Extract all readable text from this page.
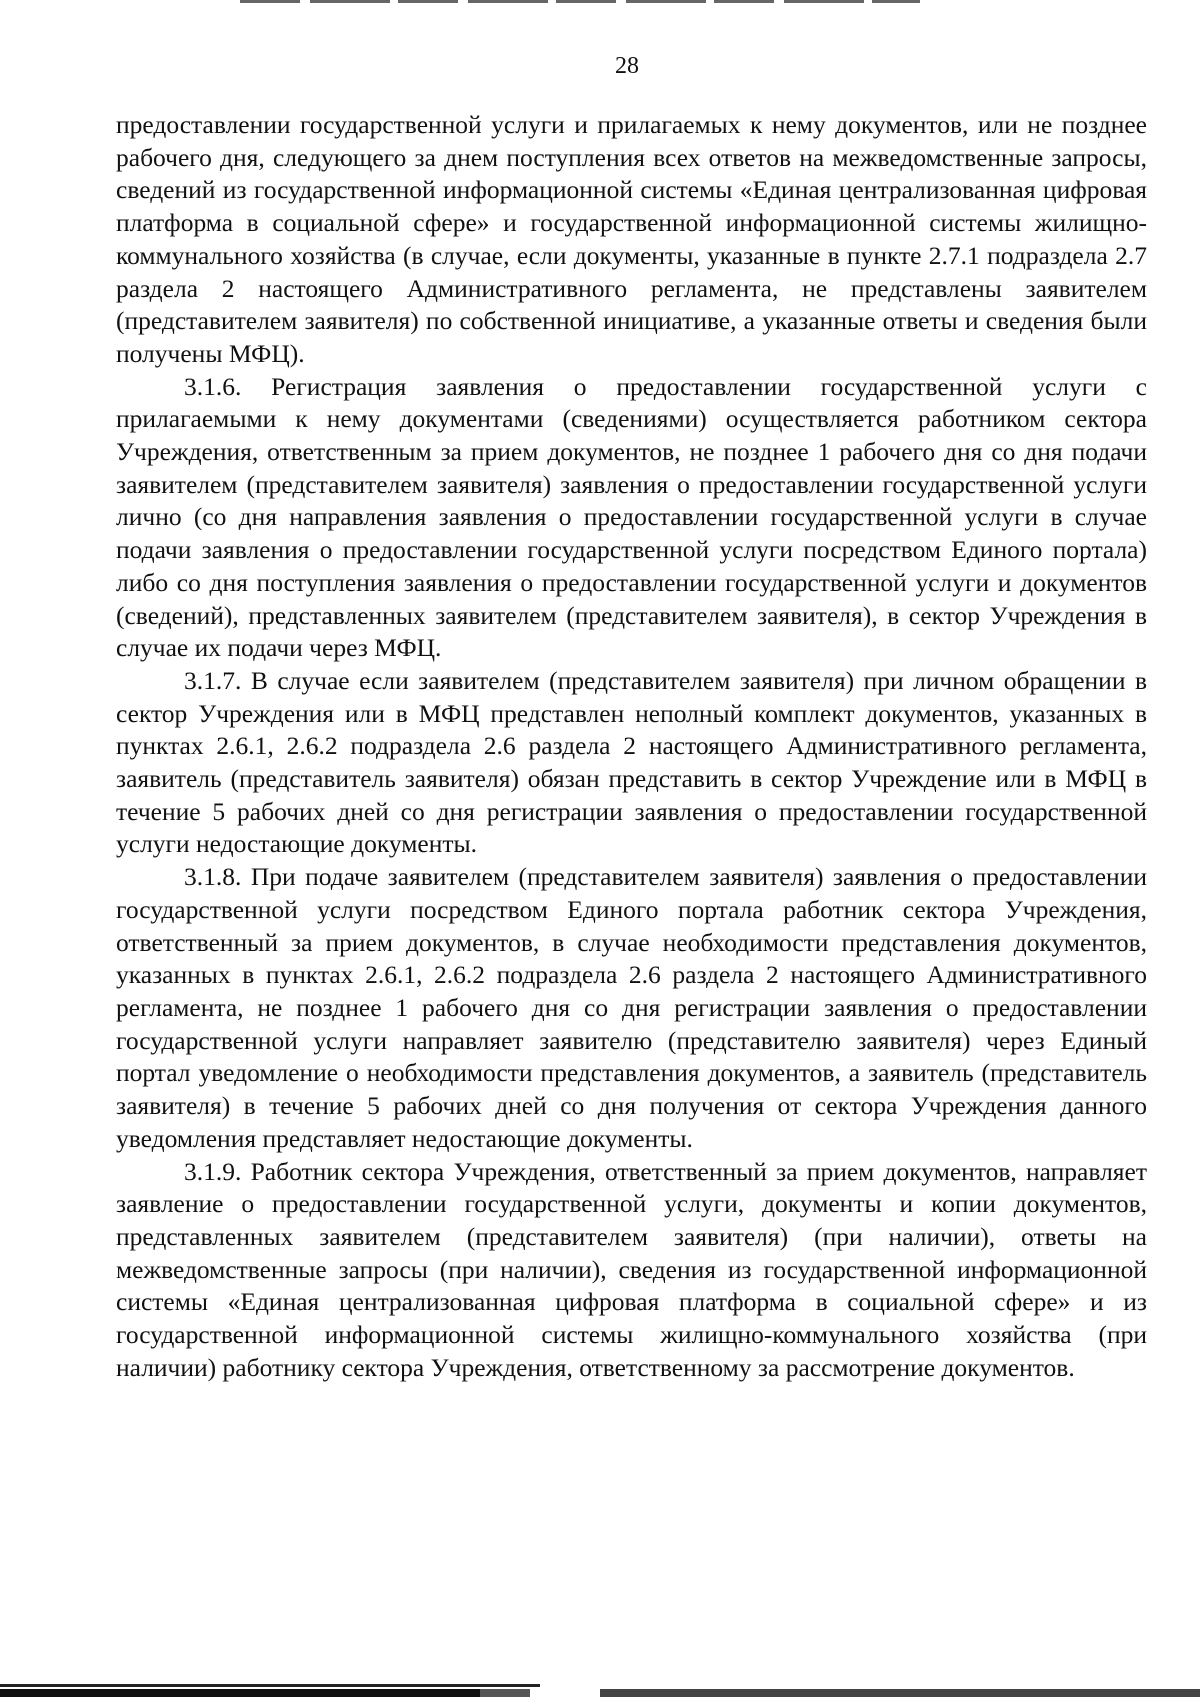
28

предоставлении государственной услуги и прилагаемых к нему документов, или не позднее рабочего дня, следующего за днем поступления всех ответов на межведомственные запросы, сведений из государственной информационной системы «Единая централизованная цифровая платформа в социальной сфере» и государственной информационной системы жилищно-коммунального хозяйства (в случае, если документы, указанные в пункте 2.7.1 подраздела 2.7 раздела 2 настоящего Административного регламента, не представлены заявителем (представителем заявителя) по собственной инициативе, а указанные ответы и сведения были получены МФЦ).

3.1.6. Регистрация заявления о предоставлении государственной услуги с прилагаемыми к нему документами (сведениями) осуществляется работником сектора Учреждения, ответственным за прием документов, не позднее 1 рабочего дня со дня подачи заявителем (представителем заявителя) заявления о предоставлении государственной услуги лично (со дня направления заявления о предоставлении государственной услуги в случае подачи заявления о предоставлении государственной услуги посредством Единого портала) либо со дня поступления заявления о предоставлении государственной услуги и документов (сведений), представленных заявителем (представителем заявителя), в сектор Учреждения в случае их подачи через МФЦ.

3.1.7. В случае если заявителем (представителем заявителя) при личном обращении в сектор Учреждения или в МФЦ представлен неполный комплект документов, указанных в пунктах 2.6.1, 2.6.2 подраздела 2.6 раздела 2 настоящего Административного регламента, заявитель (представитель заявителя) обязан представить в сектор Учреждение или в МФЦ в течение 5 рабочих дней со дня регистрации заявления о предоставлении государственной услуги недостающие документы.

3.1.8. При подаче заявителем (представителем заявителя) заявления о предоставлении государственной услуги посредством Единого портала работник сектора Учреждения, ответственный за прием документов, в случае необходимости представления документов, указанных в пунктах 2.6.1, 2.6.2 подраздела 2.6 раздела 2 настоящего Административного регламента, не позднее 1 рабочего дня со дня регистрации заявления о предоставлении государственной услуги направляет заявителю (представителю заявителя) через Единый портал уведомление о необходимости представления документов, а заявитель (представитель заявителя) в течение 5 рабочих дней со дня получения от сектора Учреждения данного уведомления представляет недостающие документы.

3.1.9. Работник сектора Учреждения, ответственный за прием документов, направляет заявление о предоставлении государственной услуги, документы и копии документов, представленных заявителем (представителем заявителя) (при наличии), ответы на межведомственные запросы (при наличии), сведения из государственной информационной системы «Единая централизованная цифровая платформа в социальной сфере» и из государственной информационной системы жилищно-коммунального хозяйства (при наличии) работнику сектора Учреждения, ответственному за рассмотрение документов.
